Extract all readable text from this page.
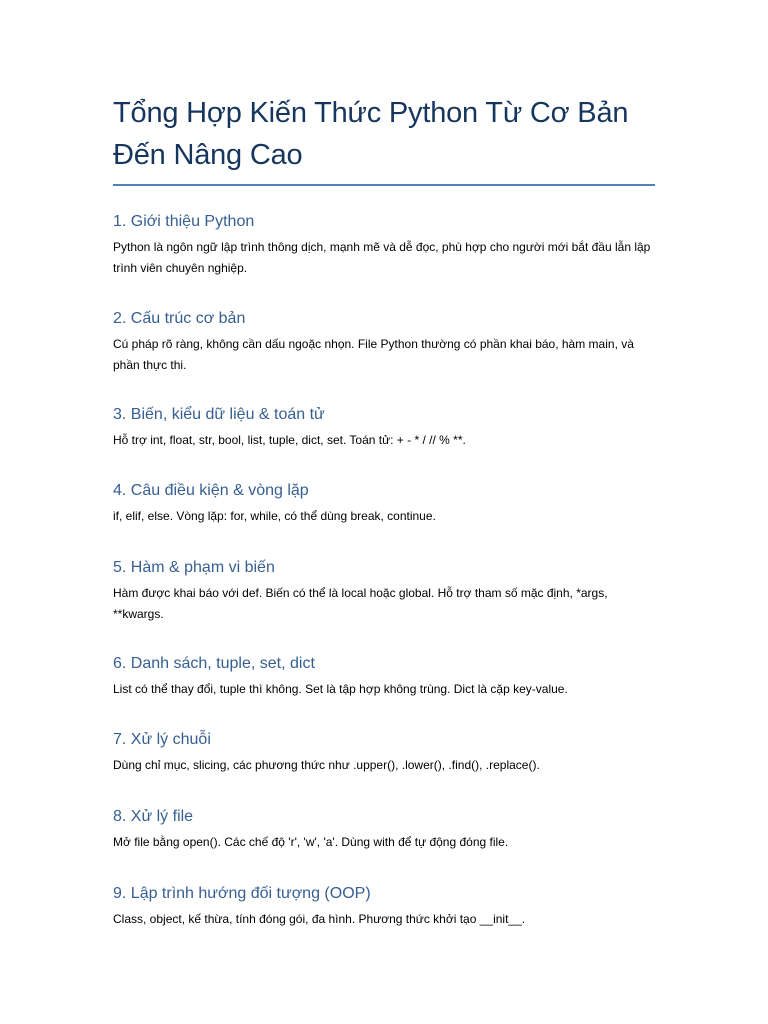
Tổng Hợp Kiến Thức Python Từ Cơ Bản Đến Nâng Cao
1. Giới thiệu Python

Python là ngôn ngữ lập trình thông dịch, mạnh mẽ và dễ đọc, phù hợp cho người mới bắt đầu lẫn lập trình viên chuyên nghiệp.

2. Cấu trúc cơ bản

Cú pháp rõ ràng, không cần dấu ngoặc nhọn. File Python thường có phần khai báo, hàm main, và phần thực thi.

3. Biến, kiểu dữ liệu & toán tử

Hỗ trợ int, float, str, bool, list, tuple, dict, set. Toán tử: + - * / // % **.

4. Câu điều kiện & vòng lặp

if, elif, else. Vòng lặp: for, while, có thể dùng break, continue.

5. Hàm & phạm vi biến

Hàm được khai báo với def. Biến có thể là local hoặc global. Hỗ trợ tham số mặc định, *args, **kwargs.

6. Danh sách, tuple, set, dict

List có thể thay đổi, tuple thì không. Set là tập hợp không trùng. Dict là cặp key-value.

7. Xử lý chuỗi

Dùng chỉ mục, slicing, các phương thức như .upper(), .lower(), .find(), .replace().

8. Xử lý file

Mở file bằng open(). Các chế độ 'r', 'w', 'a'. Dùng with để tự động đóng file.

9. Lập trình hướng đối tượng (OOP)

Class, object, kế thừa, tính đóng gói, đa hình. Phương thức khởi tạo __init__.
